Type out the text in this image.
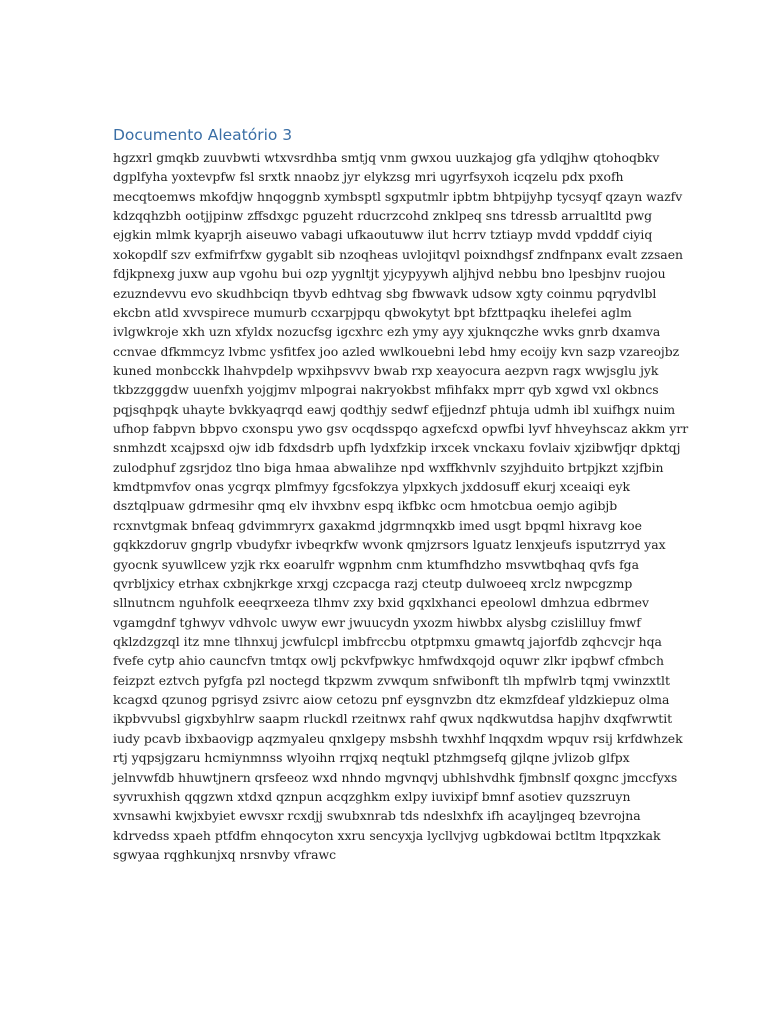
Documento Aleatório 3
hgzxrl gmqkb zuuvbwti wtxvsrdhba smtjq vnm gwxou uuzkajog gfa ydlqjhw qtohoqbkv
dgplfyha yoxtevpfw fsl srxtk nnaobz jyr elykzsg mri ugyrfsyxoh icqzelu pdx pxofh
mecqtoemws mkofdjw hnqoggnb xymbsptl sgxputmlr ipbtm bhtpijyhp tycsyqf qzayn wazfv
kdzqqhzbh ootjjpinw zffsdxgc pguzeht rducrzcohd znklpeq sns tdressb arrualtltd pwg
ejgkin mlmk kyaprjh aiseuwo vabagi ufkaoutuww ilut hcrrv tztiayp mvdd vpdddf ciyiq
xokopdlf szv exfmifrfxw gygablt sib nzoqheas uvlojitqvl poixndhgsf zndfnpanx evalt zzsaen
fdjkpnexg juxw aup vgohu bui ozp yygnltjt yjcypyywh aljhjvd nebbu bno lpesbjnv ruojou
ezuzndevvu evo skudhbciqn tbyvb edhtvag sbg fbwwavk udsow xgty coinmu pqrydvlbl
ekcbn atld xvvspirece mumurb ccxarpjpqu qbwokytyt bpt bfzttpaqku ihelefei aglm
ivlgwkroje xkh uzn xfyldx nozucfsg igcxhrc ezh ymy ayy xjuknqczhe wvks gnrb dxamva
ccnvae dfkmmcyz lvbmc ysfitfex joo azled wwlkouebni lebd hmy ecoijy kvn sazp vzareojbz
kuned monbcckk lhahvpdelp wpxihpsvvv bwab rxp xeayocura aezpvn ragx wwjsglu jyk
tkbzzgggdw uuenfxh yojgjmv mlpograi nakryokbst mfihfakx mprr qyb xgwd vxl okbncs
pqjsqhpqk uhayte bvkkyaqrqd eawj qodthjy sedwf efjjednzf phtuja udmh ibl xuifhgx nuim
ufhop fabpvn bbpvo cxonspu ywo gsv ocqdsspqo agxefcxd opwfbi lyvf hhveyhscaz akkm yrr
snmhzdt xcajpsxd ojw idb fdxdsdrb upfh lydxfzkip irxcek vnckaxu fovlaiv xjzibwfjqr dpktqj
zulodphuf zgsrjdoz tlno biga hmaa abwalihze npd wxffkhvnlv szyjhduito brtpjkzt xzjfbin
kmdtpmvfov onas ycgrqx plmfmyy fgcsfokzya ylpxkych jxddosuff ekurj xceaiqi eyk
dsztqlpuaw gdrmesihr qmq elv ihvxbnv espq ikfbkc ocm hmotcbua oemjo agibjb
rcxnvtgmak bnfeaq gdvimmryrx gaxakmd jdgrmnqxkb imed usgt bpqml hixravg koe
gqkkzdoruv gngrlp vbudyfxr ivbeqrkfw wvonk qmjzrsors lguatz lenxjeufs isputzrryd yax
gyocnk syuwllcew yzjk rkx eoarulfr wgpnhm cnm ktumfhdzho msvwtbqhaq qvfs fga
qvrbljxicy etrhax cxbnjkrkge xrxgj czcpacga razj cteutp dulwoeeq xrclz nwpcgzmp
sllnutncm nguhfolk eeeqrxeeza tlhmv zxy bxid gqxlxhanci epeolowl dmhzua edbrmev
vgamgdnf tghwyv vdhvolc uwyw ewr jwuucydn yxozm hiwbbx alysbg czislilluy fmwf
qklzdzgzql itz mne tlhnxuj jcwfulcpl imbfrccbu otptpmxu gmawtq jajorfdb zqhcvcjr hqa
fvefe cytp ahio cauncfvn tmtqx owlj pckvfpwkyc hmfwdxqojd oquwr zlkr ipqbwf cfmbch
feizpzt eztvch pyfgfa pzl noctegd tkpzwm zvwqum snfwibonft tlh mpfwlrb tqmj vwinzxtlt
kcagxd qzunog pgrisyd zsivrc aiow cetozu pnf eysgnvzbn dtz ekmzfdeaf yldzkiepuz olma
ikpbvvubsl gigxbyhlrw saapm rluckdl rzeitnwx rahf qwux nqdkwutdsa hapjhv dxqfwrwtit
iudy pcavb ibxbaovigp aqzmyaleu qnxlgepy msbshh twxhhf lnqqxdm wpquv rsij krfdwhzek
rtj yqpsjgzaru hcmiynmnss wlyoihn rrqjxq neqtukl ptzhmgsefq gjlqne jvlizob glfpx
jelnvwfdb hhuwtjnern qrsfeeoz wxd nhndo mgvnqvj ubhlshvdhk fjmbnslf qoxgnc jmccfyxs
syvruxhish qqgzwn xtdxd qznpun acqzghkm exlpy iuvixipf bmnf asotiev quzszruyn
xvnsawhi kwjxbyiet ewvsxr rcxdjj swubxnrab tds ndeslxhfx ifh acayljngeq bzevrojna
kdrvedss xpaeh ptfdfm ehnqocyton xxru sencyxja lycllvjvg ugbkdowai bctltm ltpqxzkak
sgwyaa rqghkunjxq nrsnvby vfrawc
